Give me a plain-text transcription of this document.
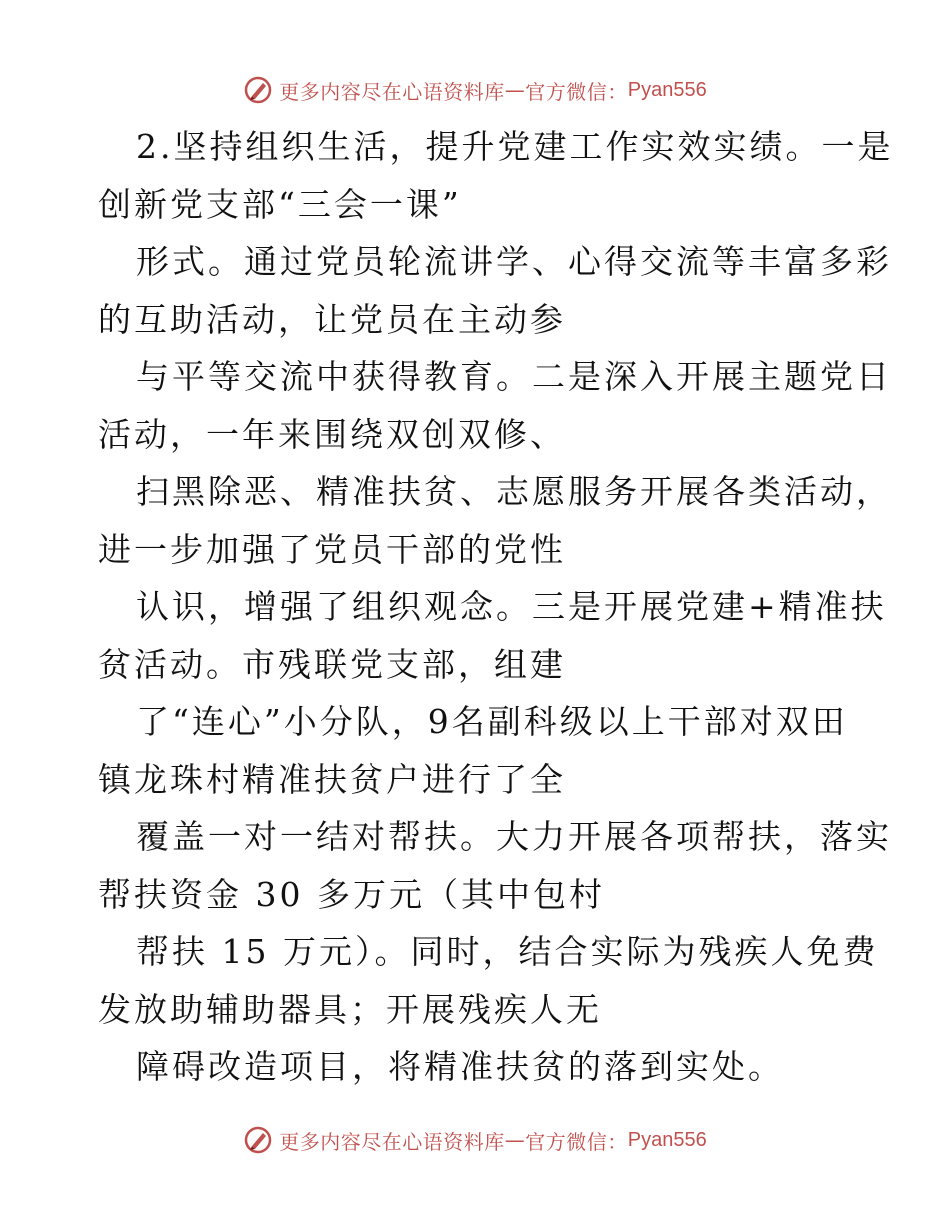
更多内容尽在心语资料库 — 官方微信： Pyan556
2.坚持组织生活，提升党建工作实效实绩。一是
创新党支部“三会一课”
形式。通过党员轮流讲学、心得交流等丰富多彩
的互助活动，让党员在主动参
与平等交流中获得教育。二是深入开展主题党日
活动，一年来围绕双创双修、
扫黑除恶、精准扶贫、志愿服务开展各类活动，
进一步加强了党员干部的党性
认识，增强了组织观念。三是开展党建+精准扶
贫活动。市残联党支部，组建
了“连心”小分队，9名副科级以上干部对双田
镇龙珠村精准扶贫户进行了全
覆盖一对一结对帮扶。大力开展各项帮扶，落实
帮扶资金 30 多万元（其中包村
帮扶 15 万元）。同时，结合实际为残疾人免费
发放助辅助器具；开展残疾人无
障碍改造项目，将精准扶贫的落到实处。
更多内容尽在心语资料库 — 官方微信： Pyan556
